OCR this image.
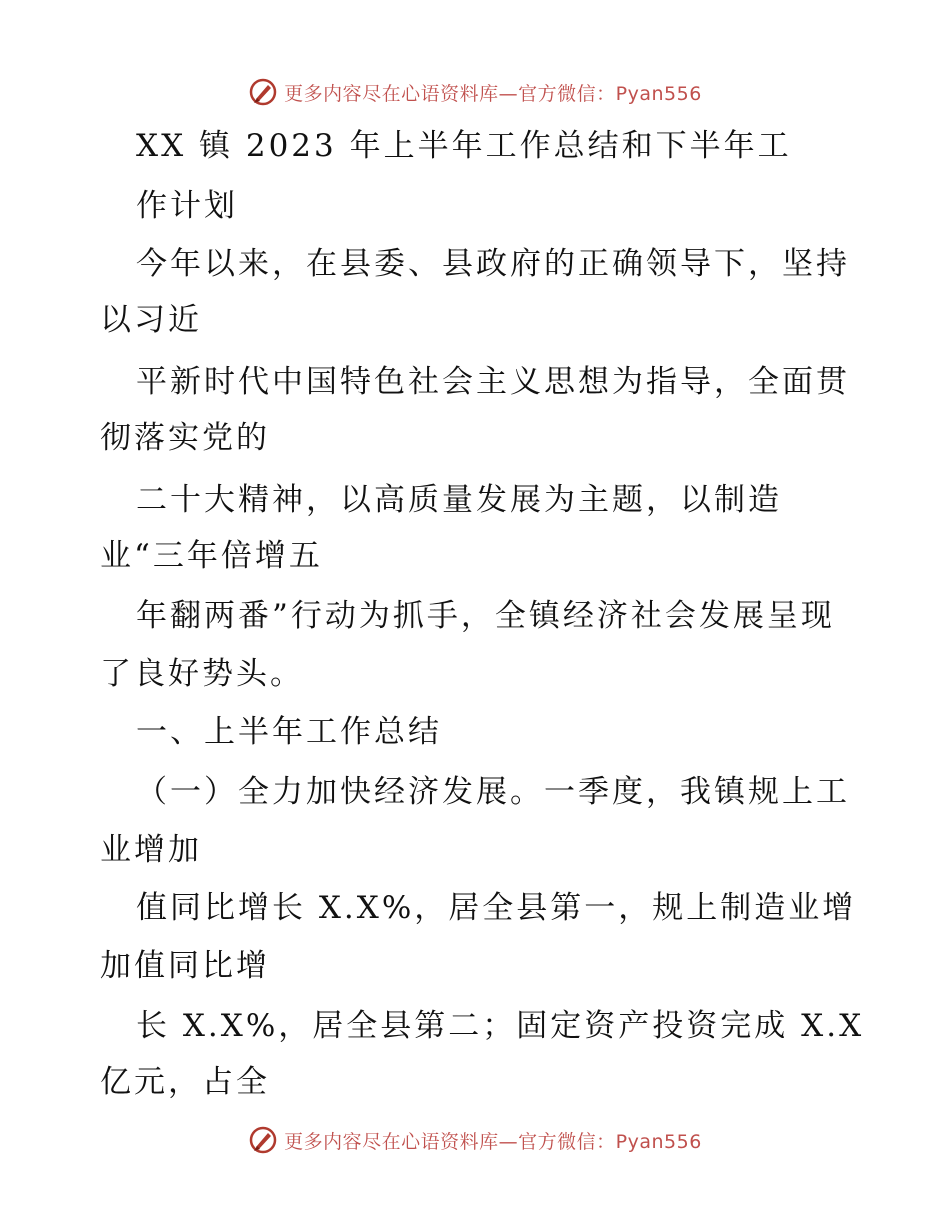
更多内容尽在心语资料库—官方微信：Pyan556
XX 镇 2023 年上半年工作总结和下半年工
作计划
今年以来，在县委、县政府的正确领导下，坚持
以习近
平新时代中国特色社会主义思想为指导，全面贯
彻落实党的
二十大精神，以高质量发展为主题，以制造
业“三年倍增五
年翻两番”行动为抓手，全镇经济社会发展呈现
了良好势头。
一、上半年工作总结
（一）全力加快经济发展。一季度，我镇规上工
业增加
值同比增长 X.X%，居全县第一，规上制造业增
加值同比增
长 X.X%，居全县第二；固定资产投资完成 X.X
亿元，占全
更多内容尽在心语资料库—官方微信：Pyan556
